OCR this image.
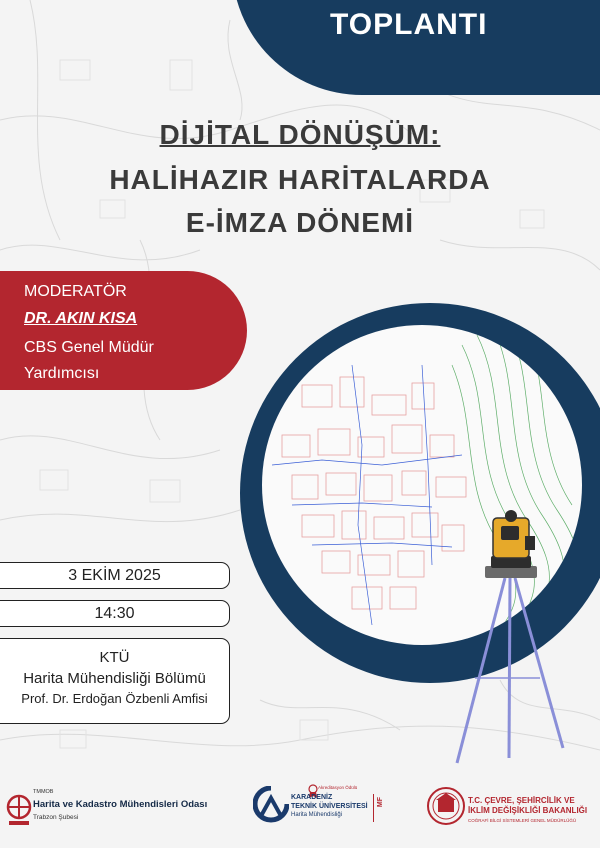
TOPLANTI
DİJİTAL DÖNÜŞÜM:
HALİHAZIR HARİTALARDA
E-İMZA DÖNEMİ
MODERATÖR
DR. AKIN KISA
CBS Genel Müdür
Yardımcısı
3 EKİM 2025
14:30
KTÜ
Harita Mühendisliği Bölümü
Prof. Dr. Erdoğan Özbenli Amfisi
TMMOB
Harita ve Kadastro Mühendisleri Odası
Trabzon Şubesi
Akreditasyon Ödülü
KARADENİZ
TEKNİK ÜNİVERSİTESİ
Harita Mühendisliği
MF	T.C. ÇEVRE, ŞEHİRCİLİK VE
İKLİM DEĞİŞİKLİĞİ BAKANLIĞI
COĞRAFİ BİLGİ SİSTEMLERİ GENEL MÜDÜRLÜĞÜ
